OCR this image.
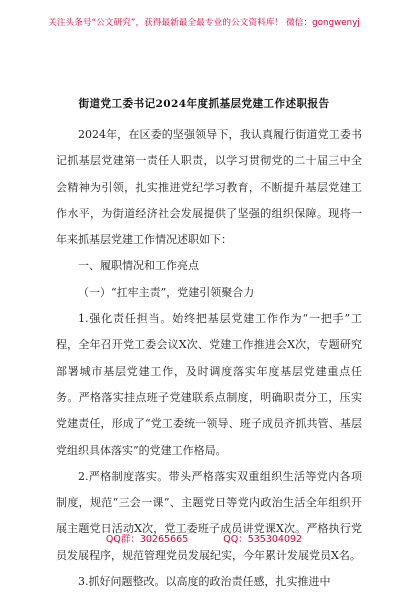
关注头条号“公文研究”，获得最新最全最专业的公文资料库！ 微信：gongwenyj
街道党工委书记2024年度抓基层党建工作述职报告

2024年，在区委的坚强领导下，我认真履行街道党工委书记抓基层党建第一责任人职责，以学习贯彻党的二十届三中全会精神为引领，扎实推进党纪学习教育，不断提升基层党建工作水平，为街道经济社会发展提供了坚强的组织保障。现将一年来抓基层党建工作情况述职如下：

一、履职情况和工作亮点

（一）“扛牢主责”，党建引领聚合力

1.强化责任担当。始终把基层党建工作作为“一把手”工程，全年召开党工委会议X次、党建工作推进会X次，专题研究部署城市基层党建工作，及时调度落实年度基层党建重点任务。严格落实挂点班子党建联系点制度，明确职责分工，压实党建责任，形成了“党工委统一领导、班子成员齐抓共管、基层党组织具体落实”的党建工作格局。

2.严格制度落实。带头严格落实双重组织生活等党内各项制度，规范“三会一课”、主题党日等党内政治生活全年组织开展主题党日活动X次，党工委班子成员讲党课X次。严格执行党员发展程序，规范管理党员发展纪实，今年累计发展党员X名。

3.抓好问题整改。以高度的政治责任感，扎实推进中

QQ群：30265665	QQ：535304092
